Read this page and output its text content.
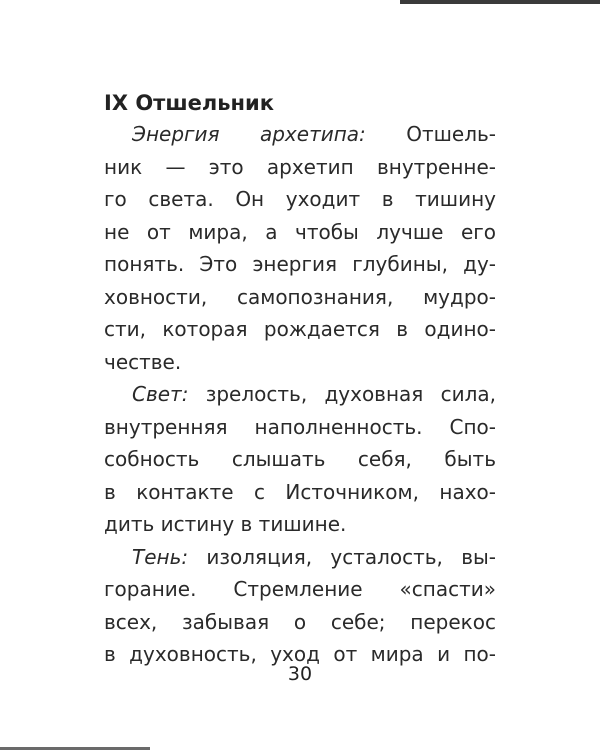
IX Отшельник

Энергия архетипа: Отшель-
ник — это архетип внутренне-
го света. Он уходит в тишину
не от мира, а чтобы лучше его
понять. Это энергия глубины, ду-
ховности, самопознания, мудро-
сти, которая рождается в одино-
честве.

Свет: зрелость, духовная сила,
внутренняя наполненность. Спо-
собность слышать себя, быть
в контакте с Источником, нахо-
дить истину в тишине.

Тень: изоляция, усталость, вы-
горание. Стремление «спасти»
всех, забывая о себе; перекос
в духовность, уход от мира и по-

30
